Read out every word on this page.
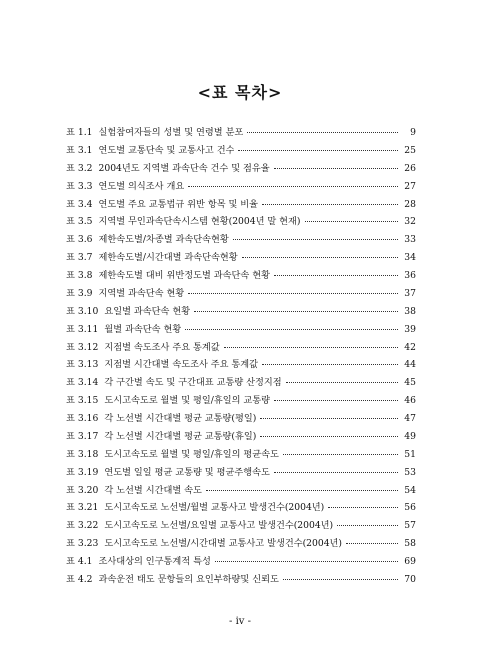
<표 목차>
표 1.1 실험참여자들의 성별 및 연령별 분포	9
표 3.1 연도별 교통단속 및 교통사고 건수	25
표 3.2 2004년도 지역별 과속단속 건수 및 점유율	26
표 3.3 연도별 의식조사 개요	27
표 3.4 연도별 주요 교통법규 위반 항목 및 비율	28
표 3.5 지역별 무인과속단속시스템 현황(2004년 말 현재)	32
표 3.6 제한속도별/차종별 과속단속현황	33
표 3.7 제한속도별/시간대별 과속단속현황	34
표 3.8 제한속도별 대비 위반정도별 과속단속 현황	36
표 3.9 지역별 과속단속 현황	37
표 3.10 요일별 과속단속 현황	38
표 3.11 월별 과속단속 현황	39
표 3.12 지점별 속도조사 주요 통계값	42
표 3.13 지점별 시간대별 속도조사 주요 통계값	44
표 3.14 각 구간별 속도 및 구간대표 교통량 산정지점	45
표 3.15 도시고속도로 월별 및 평일/휴일의 교통량	46
표 3.16 각 노선별 시간대별 평균 교통량(평일)	47
표 3.17 각 노선별 시간대별 평균 교통량(휴일)	49
표 3.18 도시고속도로 월별 및 평일/휴일의 평균속도	51
표 3.19 연도별 일일 평균 교통량 및 평균주행속도	53
표 3.20 각 노선별 시간대별 속도	54
표 3.21 도시고속도로 노선별/월별 교통사고 발생건수(2004년)	56
표 3.22 도시고속도로 노선별/요일별 교통사고 발생건수(2004년)	57
표 3.23 도시고속도로 노선별/시간대별 교통사고 발생건수(2004년)	58
표 4.1 조사대상의 인구통계적 특성	69
표 4.2 과속운전 태도 문항들의 요인부하량및 신뢰도	70
- iv -
